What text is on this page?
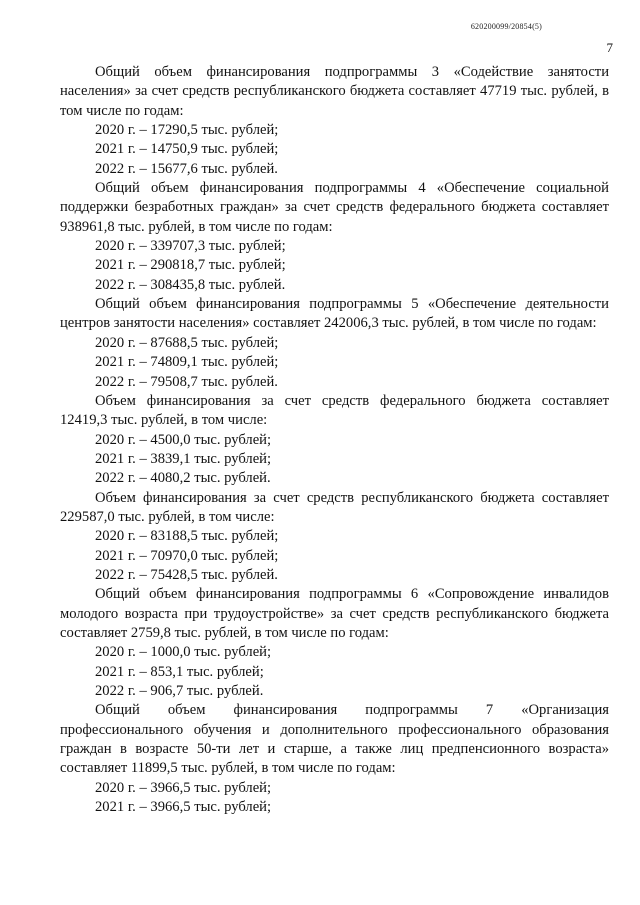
620200099/20854(5)
7

Общий объем финансирования подпрограммы 3 «Содействие занятости населения» за счет средств республиканского бюджета составляет 47719 тыс. рублей, в том числе по годам:

2020 г. – 17290,5 тыс. рублей;

2021 г. – 14750,9 тыс. рублей;

2022 г. – 15677,6 тыс. рублей.

Общий объем финансирования подпрограммы 4 «Обеспечение социальной поддержки безработных граждан» за счет средств федерального бюджета составляет 938961,8 тыс. рублей, в том числе по годам:

2020 г. – 339707,3 тыс. рублей;

2021 г. – 290818,7 тыс. рублей;

2022 г. – 308435,8 тыс. рублей.

Общий объем финансирования подпрограммы 5 «Обеспечение деятельности центров занятости населения» составляет 242006,3 тыс. рублей, в том числе по годам:

2020 г. – 87688,5 тыс. рублей;

2021 г. – 74809,1 тыс. рублей;

2022 г. – 79508,7 тыс. рублей.

Объем финансирования за счет средств федерального бюджета составляет 12419,3 тыс. рублей, в том числе:

2020 г. – 4500,0 тыс. рублей;

2021 г. – 3839,1 тыс. рублей;

2022 г. – 4080,2 тыс. рублей.

Объем финансирования за счет средств республиканского бюджета составляет 229587,0 тыс. рублей, в том числе:

2020 г. – 83188,5 тыс. рублей;

2021 г. – 70970,0 тыс. рублей;

2022 г. – 75428,5 тыс. рублей.

Общий объем финансирования подпрограммы 6 «Сопровождение инвалидов молодого возраста при трудоустройстве» за счет средств республиканского бюджета составляет 2759,8 тыс. рублей, в том числе по годам:

2020 г. – 1000,0 тыс. рублей;

2021 г. – 853,1 тыс. рублей;

2022 г. – 906,7 тыс. рублей.

Общий объем финансирования подпрограммы 7 «Организация профессионального обучения и дополнительного профессионального образования граждан в возрасте 50-ти лет и старше, а также лиц предпенсионного возраста» составляет 11899,5 тыс. рублей, в том числе по годам:

2020 г. – 3966,5 тыс. рублей;

2021 г. – 3966,5 тыс. рублей;
